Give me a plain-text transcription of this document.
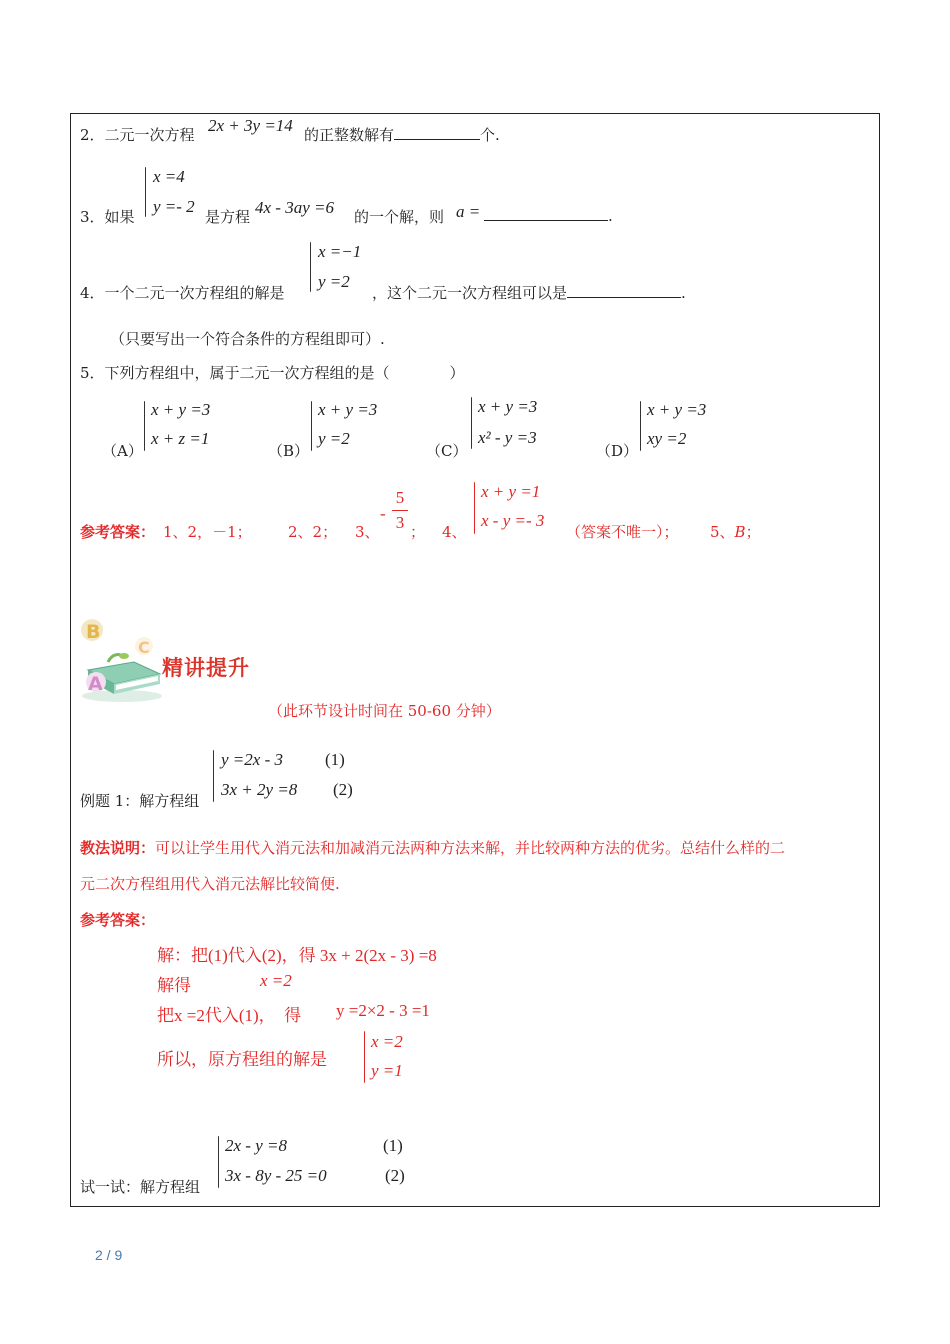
2．二元一次方程 2x + 3y =14 的正整数解有	个.
3．如果
x =4
y =- 2
是方程 4x - 3ay =6 的一个解，则 a =	.
4．一个二元一次方程组的解是
x =−1
y =2
，这个二元一次方程组可以是	.
（只要写出一个符合条件的方程组即可）.
5．下列方程组中，属于二元一次方程组的是（　　　　）
（A）
x + y =3
x + z =1
（B）
x + y =3
y =2
（C）
x + y =3
x² - y =3
（D）
x + y =3
xy =2
参考答案： 1、2，－1； 2、2； 3、
-
5
3 ； 4、
x + y =1
x - y =- 3
（答案不唯一）； 5、B；
B
C
A
精讲提升
（此环节设计时间在 50-60 分钟）
例题 1：解方程组
y =2x - 3
3x + 2y =8
(1)
(2)
教法说明：可以让学生用代入消元法和加减消元法两种方法来解，并比较两种方法的优劣。总结什么样的二
元二次方程组用代入消元法解比较简便.
参考答案：
解：把(1)代入(2)，得 3x + 2(2x - 3) =8
解得	x =2
把x =2代入(1)，　得 y =2×2 - 3 =1
所以，原方程组的解是
x =2
y =1
试一试：解方程组
2x - y =8
3x - 8y - 25 =0
(1)
(2)
2 / 9
